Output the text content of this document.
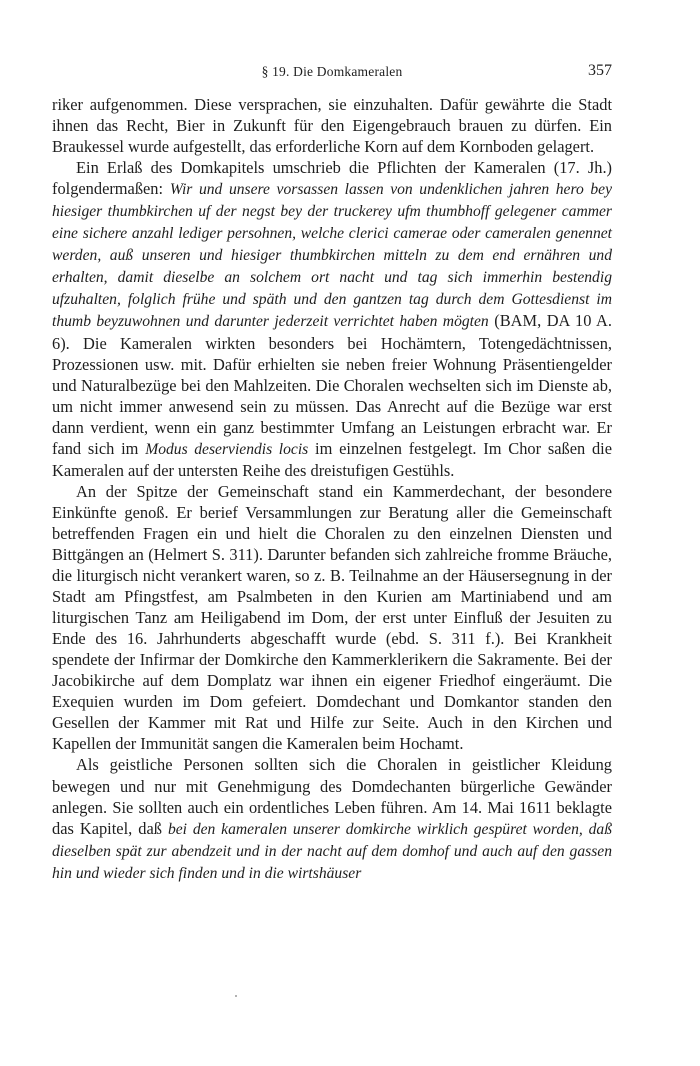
§ 19. Die Domkameralen	357

riker aufgenommen. Diese versprachen, sie einzuhalten. Dafür gewährte die Stadt ihnen das Recht, Bier in Zukunft für den Eigengebrauch brauen zu dürfen. Ein Braukessel wurde aufgestellt, das erforderliche Korn auf dem Kornboden gelagert.

Ein Erlaß des Domkapitels umschrieb die Pflichten der Kameralen (17. Jh.) folgendermaßen: Wir und unsere vorsassen lassen von undenklichen jahren hero bey hiesiger thumbkirchen uf der negst bey der truckerey ufm thumbhoff gelegener cammer eine sichere anzahl lediger persohnen, welche clerici camerae oder cameralen genennet werden, auß unseren und hiesiger thumbkirchen mitteln zu dem end ernähren und erhalten, damit dieselbe an solchem ort nacht und tag sich immerhin bestendig ufzuhalten, folglich frühe und späth und den gantzen tag durch dem Gottesdienst im thumb beyzuwohnen und darunter jederzeit verrichtet haben mögten (BAM, DA 10 A. 6). Die Kameralen wirkten besonders bei Hochämtern, Totengedächtnissen, Prozessionen usw. mit. Dafür erhielten sie neben freier Wohnung Präsentiengelder und Naturalbezüge bei den Mahlzeiten. Die Choralen wechselten sich im Dienste ab, um nicht immer anwesend sein zu müssen. Das Anrecht auf die Bezüge war erst dann verdient, wenn ein ganz bestimmter Umfang an Leistungen erbracht war. Er fand sich im Modus deserviendis locis im einzelnen festgelegt. Im Chor saßen die Kameralen auf der untersten Reihe des dreistufigen Gestühls.

An der Spitze der Gemeinschaft stand ein Kammerdechant, der besondere Einkünfte genoß. Er berief Versammlungen zur Beratung aller die Gemeinschaft betreffenden Fragen ein und hielt die Choralen zu den einzelnen Diensten und Bittgängen an (Helmert S. 311). Darunter befanden sich zahlreiche fromme Bräuche, die liturgisch nicht verankert waren, so z. B. Teilnahme an der Häusersegnung in der Stadt am Pfingstfest, am Psalmbeten in den Kurien am Martiniabend und am liturgischen Tanz am Heiligabend im Dom, der erst unter Einfluß der Jesuiten zu Ende des 16. Jahrhunderts abgeschafft wurde (ebd. S. 311 f.). Bei Krankheit spendete der Infirmar der Domkirche den Kammerklerikern die Sakramente. Bei der Jacobikirche auf dem Domplatz war ihnen ein eigener Friedhof eingeräumt. Die Exequien wurden im Dom gefeiert. Domdechant und Domkantor standen den Gesellen der Kammer mit Rat und Hilfe zur Seite. Auch in den Kirchen und Kapellen der Immunität sangen die Kameralen beim Hochamt.

Als geistliche Personen sollten sich die Choralen in geistlicher Kleidung bewegen und nur mit Genehmigung des Domdechanten bürgerliche Gewänder anlegen. Sie sollten auch ein ordentliches Leben führen. Am 14. Mai 1611 beklagte das Kapitel, daß bei den kameralen unserer domkirche wirklich gespüret worden, daß dieselben spät zur abendzeit und in der nacht auf dem domhof und auch auf den gassen hin und wieder sich finden und in die wirtshäuser
